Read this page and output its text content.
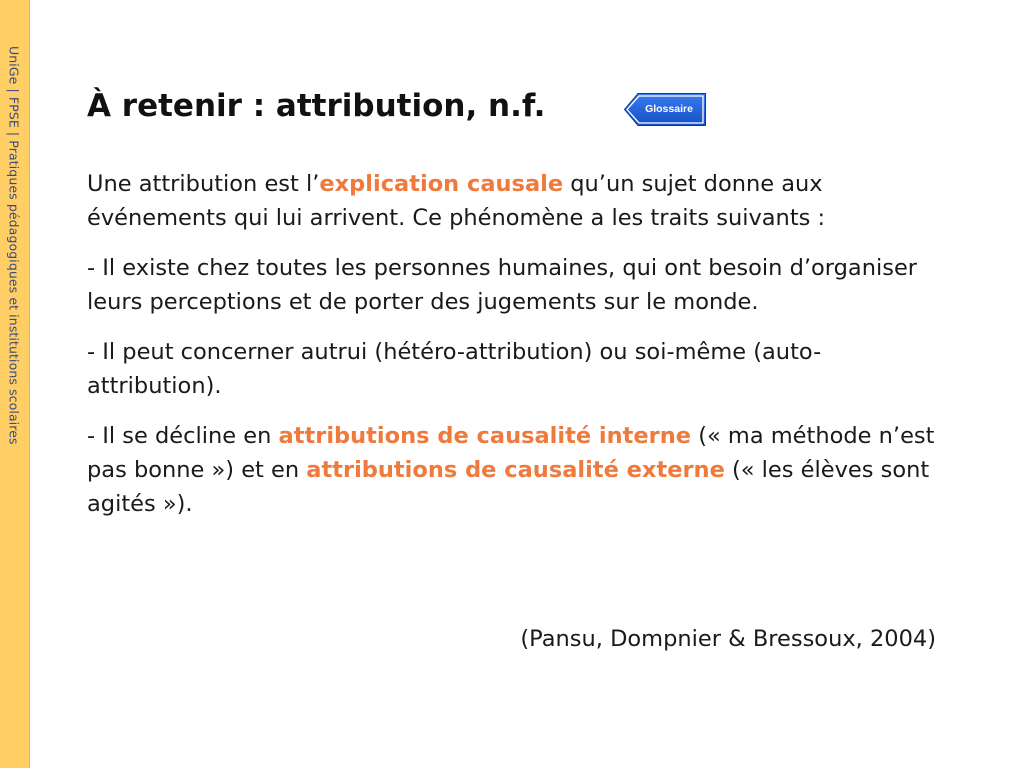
UniGe | FPSE | Pratiques pédagogiques et institutions scolaires À retenir : attribution, n.f.	Glossaire

Une attribution est l’explication causale qu’un sujet donne aux événements qui lui arrivent. Ce phénomène a les traits suivants :

- Il existe chez toutes les personnes humaines, qui ont besoin d’organiser leurs perceptions et de porter des jugements sur le monde.

- Il peut concerner autrui (hétéro-attribution) ou soi-même (auto-attribution).

- Il se décline en attributions de causalité interne (« ma méthode n’est pas bonne ») et en attributions de causalité externe (« les élèves sont agités »).

(Pansu, Dompnier & Bressoux, 2004)
